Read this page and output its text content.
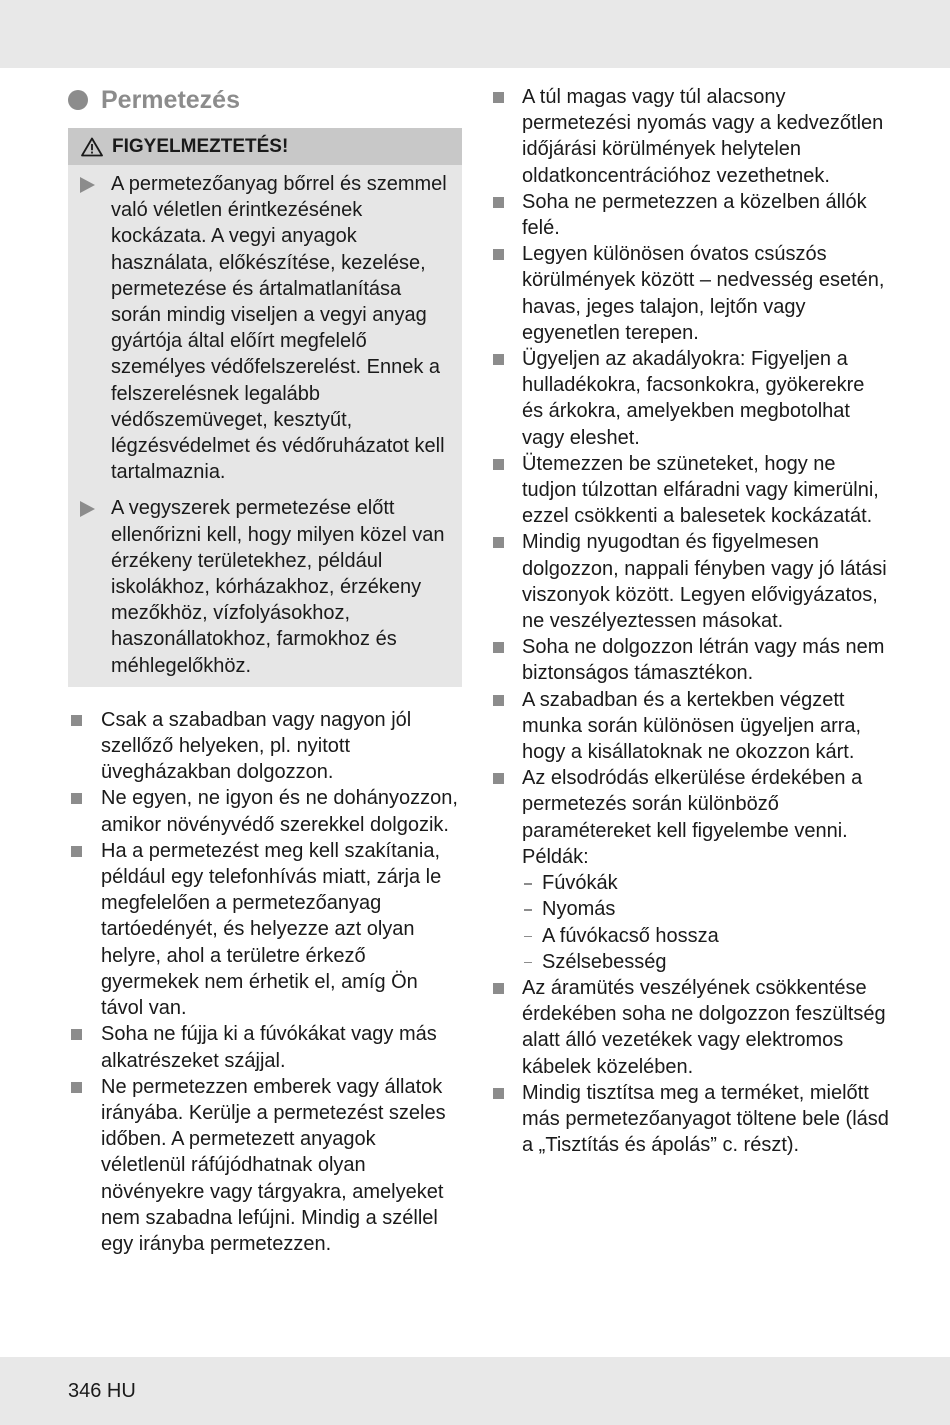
Permetezés
FIGYELMEZTETÉS!
A permetezőanyag bőrrel és szemmel való véletlen érintkezésének kockázata. A vegyi anyagok használata, előkészítése, kezelése, permetezése és ártalmatlanítása során mindig viseljen a vegyi anyag gyártója által előírt megfelelő személyes védőfelszerelést. Ennek a felszerelésnek legalább védőszemüveget, kesztyűt, légzésvédelmet és védőruházatot kell tartalmaznia.
A vegyszerek permetezése előtt ellenőrizni kell, hogy milyen közel van érzékeny területekhez, például iskolákhoz, kórházakhoz, érzékeny mezőkhöz, vízfolyásokhoz, haszonállatokhoz, farmokhoz és méhlegelőkhöz.
Csak a szabadban vagy nagyon jól szellőző helyeken, pl. nyitott üvegházakban dolgozzon.
Ne egyen, ne igyon és ne dohányozzon, amikor növényvédő szerekkel dolgozik.
Ha a permetezést meg kell szakítania, például egy telefonhívás miatt, zárja le megfelelően a permetezőanyag tartóedényét, és helyezze azt olyan helyre, ahol a területre érkező gyermekek nem érhetik el, amíg Ön távol van.
Soha ne fújja ki a fúvókákat vagy más alkatrészeket szájjal.
Ne permetezzen emberek vagy állatok irányába. Kerülje a permetezést szeles időben. A permetezett anyagok véletlenül ráfújódhatnak olyan növényekre vagy tárgyakra, amelyeket nem szabadna lefújni. Mindig a széllel egy irányba permetezzen.
A túl magas vagy túl alacsony permetezési nyomás vagy a kedvezőtlen időjárási körülmények helytelen oldatkoncentrációhoz vezethetnek.
Soha ne permetezzen a közelben állók felé.
Legyen különösen óvatos csúszós körülmények között – nedvesség esetén, havas, jeges talajon, lejtőn vagy egyenetlen terepen.
Ügyeljen az akadályokra: Figyeljen a hulladékokra, facsonkokra, gyökerekre és árkokra, amelyekben megbotolhat vagy eleshet.
Ütemezzen be szüneteket, hogy ne tudjon túlzottan elfáradni vagy kimerülni, ezzel csökkenti a balesetek kockázatát.
Mindig nyugodtan és figyelmesen dolgozzon, nappali fényben vagy jó látási viszonyok között. Legyen elővigyázatos, ne veszélyeztessen másokat.
Soha ne dolgozzon létrán vagy más nem biztonságos támasztékon.
A szabadban és a kertekben végzett munka során különösen ügyeljen arra, hogy a kisállatoknak ne okozzon kárt.
Az elsodródás elkerülése érdekében a permetezés során különböző paramétereket kell figyelembe venni. Példák:
Fúvókák
Nyomás
A fúvókacső hossza
Szélsebesség
Az áramütés veszélyének csökkentése érdekében soha ne dolgozzon feszültség alatt álló vezetékek vagy elektromos kábelek közelében.
Mindig tisztítsa meg a terméket, mielőtt más permetezőanyagot töltene bele (lásd a „Tisztítás és ápolás” c. részt).
346 HU
